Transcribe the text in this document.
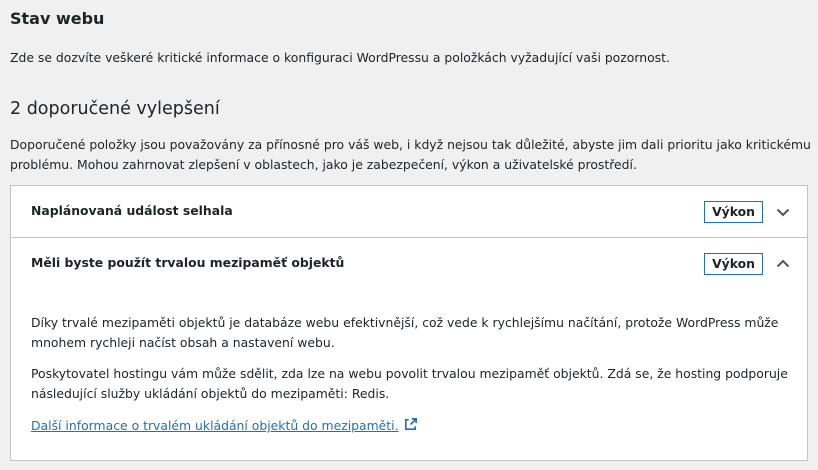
Stav webu

Zde se dozvíte veškeré kritické informace o konfiguraci WordPressu a položkách vyžadující vaši pozornost.

2 doporučené vylepšení

Doporučené položky jsou považovány za přínosné pro váš web, i když nejsou tak důležité, abyste jim dali prioritu jako kritickému problému. Mohou zahrnovat zlepšení v oblastech, jako je zabezpečení, výkon a uživatelské prostředí.

Naplánovaná událost selhala	Výkon
Měli byste použít trvalou mezipaměť objektů	Výkon

Díky trvalé mezipaměti objektů je databáze webu efektivnější, což vede k rychlejšímu načítání, protože WordPress může mnohem rychleji načíst obsah a nastavení webu.

Poskytovatel hostingu vám může sdělit, zda lze na webu povolit trvalou mezipaměť objektů. Zdá se, že hosting podporuje následující služby ukládání objektů do mezipaměti: Redis.

Další informace o trvalém ukládání objektů do mezipaměti.
